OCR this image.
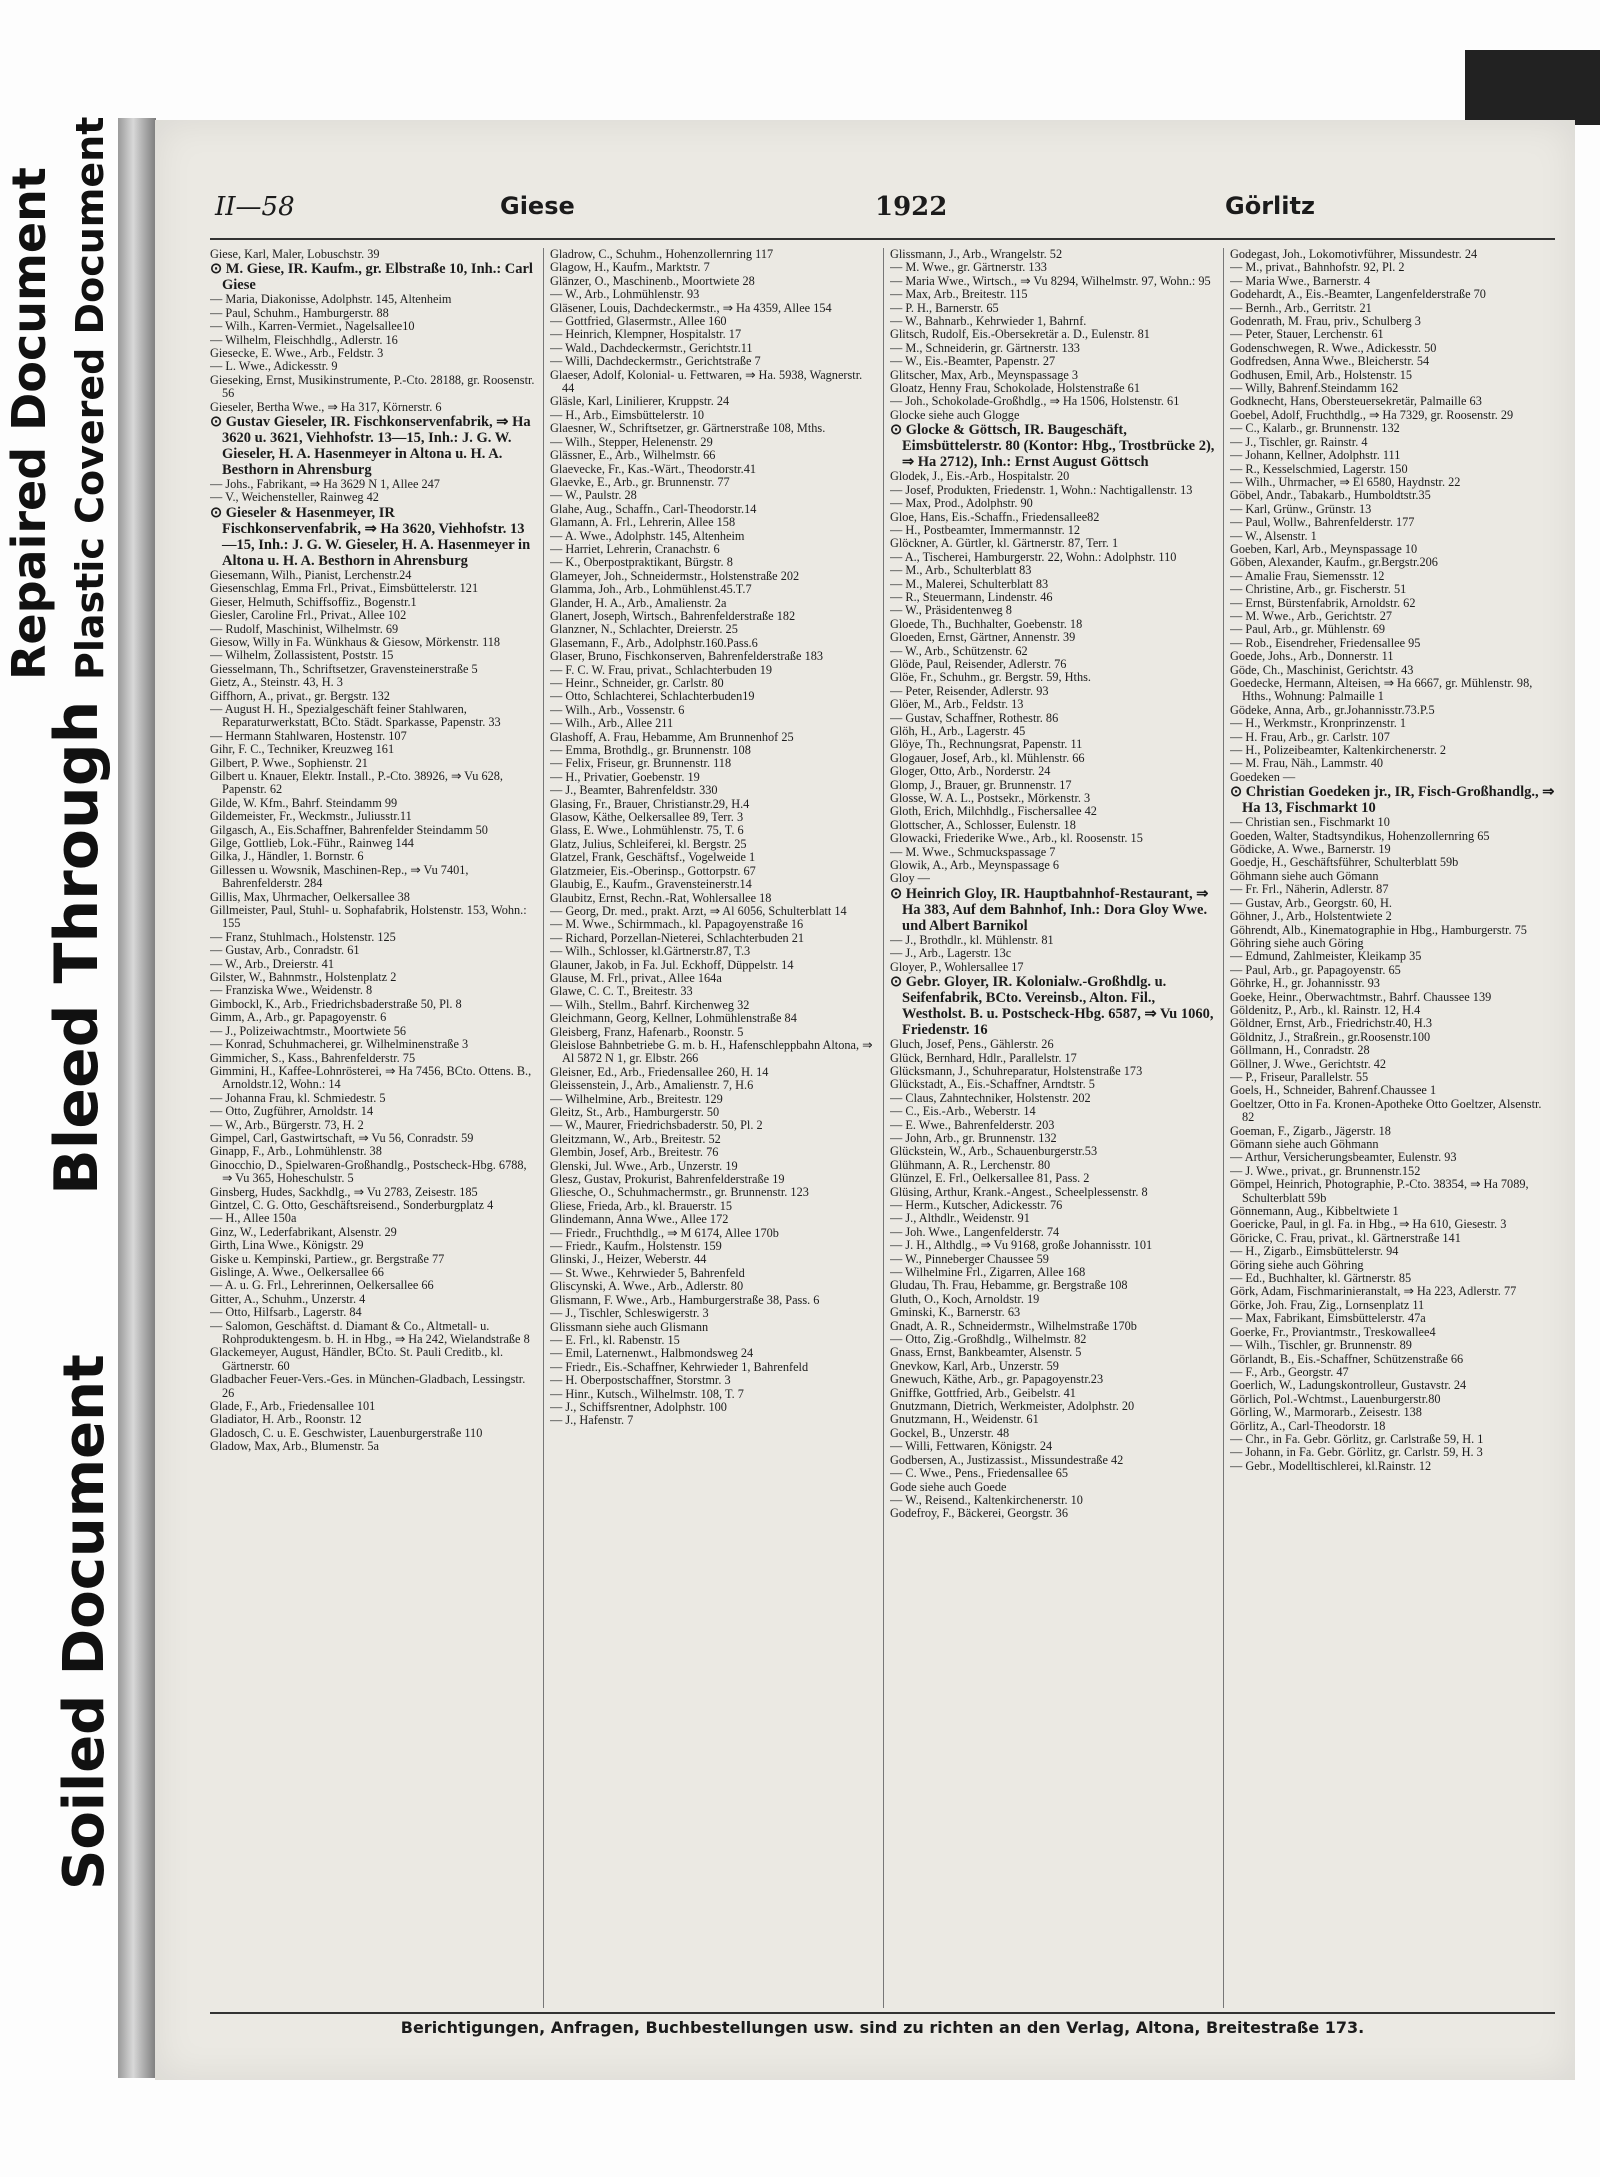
II—58	Giese	1922	Görlitz

Giese, Karl, Maler, Lobuschstr. 39

⊙ M. Giese, IR. Kaufm., gr. Elbstraße 10, Inh.: Carl Giese

— Maria, Diakonisse, Adolphstr. 145, Altenheim

— Paul, Schuhm., Hamburgerstr. 88

— Wilh., Karren-Vermiet., Nagelsallee10

— Wilhelm, Fleischhdlg., Adlerstr. 16

Giesecke, E. Wwe., Arb., Feldstr. 3

— L. Wwe., Adickesstr. 9

Gieseking, Ernst, Musikinstrumente, P.-Cto. 28188, gr. Roosenstr. 56

Gieseler, Bertha Wwe., ⇒ Ha 317, Körnerstr. 6

⊙ Gustav Gieseler, IR. Fischkonservenfabrik, ⇒ Ha 3620 u. 3621, Viehhofstr. 13—15, Inh.: J. G. W. Gieseler, H. A. Hasenmeyer in Altona u. H. A. Besthorn in Ahrensburg

— Johs., Fabrikant, ⇒ Ha 3629 N 1, Allee 247

— V., Weichensteller, Rainweg 42

⊙ Gieseler & Hasenmeyer, IR Fischkonservenfabrik, ⇒ Ha 3620, Viehhofstr. 13—15, Inh.: J. G. W. Gieseler, H. A. Hasenmeyer in Altona u. H. A. Besthorn in Ahrensburg

Giesemann, Wilh., Pianist, Lerchenstr.24

Giesenschlag, Emma Frl., Privat., Eimsbüttelerstr. 121

Gieser, Helmuth, Schiffsoffiz., Bogenstr.1

Giesler, Caroline Frl., Privat., Allee 102

— Rudolf, Maschinist, Wilhelmstr. 69

Giesow, Willy in Fa. Wünkhaus & Giesow, Mörkenstr. 118

— Wilhelm, Zollassistent, Poststr. 15

Giesselmann, Th., Schriftsetzer, Gravensteinerstraße 5

Gietz, A., Steinstr. 43, H. 3

Giffhorn, A., privat., gr. Bergstr. 132

— August H. H., Spezialgeschäft feiner Stahlwaren, Reparaturwerkstatt, BCto. Städt. Sparkasse, Papenstr. 33

— Hermann Stahlwaren, Hostenstr. 107

Gihr, F. C., Techniker, Kreuzweg 161

Gilbert, P. Wwe., Sophienstr. 21

Gilbert u. Knauer, Elektr. Install., P.-Cto. 38926, ⇒ Vu 628, Papenstr. 62

Gilde, W. Kfm., Bahrf. Steindamm 99

Gildemeister, Fr., Weckmstr., Juliusstr.11

Gilgasch, A., Eis.Schaffner, Bahrenfelder Steindamm 50

Gilge, Gottlieb, Lok.-Führ., Rainweg 144

Gilka, J., Händler, 1. Bornstr. 6

Gillessen u. Wowsnik, Maschinen-Rep., ⇒ Vu 7401, Bahrenfelderstr. 284

Gillis, Max, Uhrmacher, Oelkersallee 38

Gillmeister, Paul, Stuhl- u. Sophafabrik, Holstenstr. 153, Wohn.: 155

— Franz, Stuhlmach., Holstenstr. 125

— Gustav, Arb., Conradstr. 61

— W., Arb., Dreierstr. 41

Gilster, W., Bahnmstr., Holstenplatz 2

— Franziska Wwe., Weidenstr. 8

Gimbockl, K., Arb., Friedrichsbaderstraße 50, Pl. 8

Gimm, A., Arb., gr. Papagoyenstr. 6

— J., Polizeiwachtmstr., Moortwiete 56

— Konrad, Schuhmacherei, gr. Wilhelminenstraße 3

Gimmicher, S., Kass., Bahrenfelderstr. 75

Gimmini, H., Kaffee-Lohnrösterei, ⇒ Ha 7456, BCto. Ottens. B., Arnoldstr.12, Wohn.: 14

— Johanna Frau, kl. Schmiedestr. 5

— Otto, Zugführer, Arnoldstr. 14

— W., Arb., Bürgerstr. 73, H. 2

Gimpel, Carl, Gastwirtschaft, ⇒ Vu 56, Conradstr. 59

Ginapp, F., Arb., Lohmühlenstr. 38

Ginocchio, D., Spielwaren-Großhandlg., Postscheck-Hbg. 6788, ⇒ Vu 365, Hoheschulstr. 5

Ginsberg, Hudes, Sackhdlg., ⇒ Vu 2783, Zeisestr. 185

Gintzel, C. G. Otto, Geschäftsreisend., Sonderburgplatz 4

— H., Allee 150a

Ginz, W., Lederfabrikant, Alsenstr. 29

Girth, Lina Wwe., Königstr. 29

Giske u. Kempinski, Partiew., gr. Bergstraße 77

Gislinge, A. Wwe., Oelkersallee 66

— A. u. G. Frl., Lehrerinnen, Oelkersallee 66

Gitter, A., Schuhm., Unzerstr. 4

— Otto, Hilfsarb., Lagerstr. 84

— Salomon, Geschäftst. d. Diamant & Co., Altmetall- u. Rohproduktengesm. b. H. in Hbg., ⇒ Ha 242, Wielandstraße 8

Glackemeyer, August, Händler, BCto. St. Pauli Creditb., kl. Gärtnerstr. 60

Gladbacher Feuer-Vers.-Ges. in München-Gladbach, Lessingstr. 26

Glade, F., Arb., Friedensallee 101

Gladiator, H. Arb., Roonstr. 12

Gladosch, C. u. E. Geschwister, Lauenburgerstraße 110

Gladow, Max, Arb., Blumenstr. 5a

Gladrow, C., Schuhm., Hohenzollernring 117

Glagow, H., Kaufm., Marktstr. 7

Glänzer, O., Maschinenb., Moortwiete 28

— W., Arb., Lohmühlenstr. 93

Gläsener, Louis, Dachdeckermstr., ⇒ Ha 4359, Allee 154

— Gottfried, Glasermstr., Allee 160

— Heinrich, Klempner, Hospitalstr. 17

— Wald., Dachdeckermstr., Gerichtstr.11

— Willi, Dachdeckermstr., Gerichtstraße 7

Glaeser, Adolf, Kolonial- u. Fettwaren, ⇒ Ha. 5938, Wagnerstr. 44

Gläsle, Karl, Linilierer, Kruppstr. 24

— H., Arb., Eimsbüttelerstr. 10

Glaesner, W., Schriftsetzer, gr. Gärtnerstraße 108, Mths.

— Wilh., Stepper, Helenenstr. 29

Glässner, E., Arb., Wilhelmstr. 66

Glaevecke, Fr., Kas.-Wärt., Theodorstr.41

Glaevke, E., Arb., gr. Brunnenstr. 77

— W., Paulstr. 28

Glahe, Aug., Schaffn., Carl-Theodorstr.14

Glamann, A. Frl., Lehrerin, Allee 158

— A. Wwe., Adolphstr. 145, Altenheim

— Harriet, Lehrerin, Cranachstr. 6

— K., Oberpostpraktikant, Bürgstr. 8

Glameyer, Joh., Schneidermstr., Holstenstraße 202

Glamma, Joh., Arb., Lohmühlenst.45.T.7

Glander, H. A., Arb., Amalienstr. 2a

Glanert, Joseph, Wirtsch., Bahrenfelderstraße 182

Glanzner, N., Schlachter, Dreierstr. 25

Glasemann, F., Arb., Adolphstr.160.Pass.6

Glaser, Bruno, Fischkonserven, Bahrenfelderstraße 183

— F. C. W. Frau, privat., Schlachterbuden 19

— Heinr., Schneider, gr. Carlstr. 80

— Otto, Schlachterei, Schlachterbuden19

— Wilh., Arb., Vossenstr. 6

— Wilh., Arb., Allee 211

Glashoff, A. Frau, Hebamme, Am Brunnenhof 25

— Emma, Brothdlg., gr. Brunnenstr. 108

— Felix, Friseur, gr. Brunnenstr. 118

— H., Privatier, Goebenstr. 19

— J., Beamter, Bahrenfeldstr. 330

Glasing, Fr., Brauer, Christianstr.29, H.4

Glasow, Käthe, Oelkersallee 89, Terr. 3

Glass, E. Wwe., Lohmühlenstr. 75, T. 6

Glatz, Julius, Schleiferei, kl. Bergstr. 25

Glatzel, Frank, Geschäftsf., Vogelweide 1

Glatzmeier, Eis.-Oberinsp., Gottorpstr. 67

Glaubig, E., Kaufm., Gravensteinerstr.14

Glaubitz, Ernst, Rechn.-Rat, Wohlersallee 18

— Georg, Dr. med., prakt. Arzt, ⇒ Al 6056, Schulterblatt 14

— M. Wwe., Schirmmach., kl. Papagoyenstraße 16

— Richard, Porzellan-Nieterei, Schlachterbuden 21

— Wilh., Schlosser, kl.Gärtnerstr.87, T.3

Glauner, Jakob, in Fa. Jul. Eckhoff, Düppelstr. 14

Glause, M. Frl., privat., Allee 164a

Glawe, C. C. T., Breitestr. 33

— Wilh., Stellm., Bahrf. Kirchenweg 32

Gleichmann, Georg, Kellner, Lohmühlenstraße 84

Gleisberg, Franz, Hafenarb., Roonstr. 5

Gleislose Bahnbetriebe G. m. b. H., Hafenschleppbahn Altona, ⇒ Al 5872 N 1, gr. Elbstr. 266

Gleisner, Ed., Arb., Friedensallee 260, H. 14

Gleissenstein, J., Arb., Amalienstr. 7, H.6

— Wilhelmine, Arb., Breitestr. 129

Gleitz, St., Arb., Hamburgerstr. 50

— W., Maurer, Friedrichsbaderstr. 50, Pl. 2

Gleitzmann, W., Arb., Breitestr. 52

Glembin, Josef, Arb., Breitestr. 76

Glenski, Jul. Wwe., Arb., Unzerstr. 19

Glesz, Gustav, Prokurist, Bahrenfelderstraße 19

Gliesche, O., Schuhmachermstr., gr. Brunnenstr. 123

Gliese, Frieda, Arb., kl. Brauerstr. 15

Glindemann, Anna Wwe., Allee 172

— Friedr., Fruchthdlg., ⇒ M 6174, Allee 170b

— Friedr., Kaufm., Holstenstr. 159

Glinski, J., Heizer, Weberstr. 44

— St. Wwe., Kehrwieder 5, Bahrenfeld

Gliscynski, A. Wwe., Arb., Adlerstr. 80

Glismann, F. Wwe., Arb., Hamburgerstraße 38, Pass. 6

— J., Tischler, Schleswigerstr. 3

Glissmann siehe auch Glismann

— E. Frl., kl. Rabenstr. 15

— Emil, Laternenwt., Halbmondsweg 24

— Friedr., Eis.-Schaffner, Kehrwieder 1, Bahrenfeld

— H. Oberpostschaffner, Storstmr. 3

— Hinr., Kutsch., Wilhelmstr. 108, T. 7

— J., Schiffsrentner, Adolphstr. 100

— J., Hafenstr. 7

Glissmann, J., Arb., Wrangelstr. 52

— M. Wwe., gr. Gärtnerstr. 133

— Maria Wwe., Wirtsch., ⇒ Vu 8294, Wilhelmstr. 97, Wohn.: 95

— Max, Arb., Breitestr. 115

— P. H., Barnerstr. 65

— W., Bahnarb., Kehrwieder 1, Bahrnf.

Glitsch, Rudolf, Eis.-Obersekretär a. D., Eulenstr. 81

— M., Schneiderin, gr. Gärtnerstr. 133

— W., Eis.-Beamter, Papenstr. 27

Glitscher, Max, Arb., Meynspassage 3

Gloatz, Henny Frau, Schokolade, Holstenstraße 61

— Joh., Schokolade-Großhdlg., ⇒ Ha 1506, Holstenstr. 61

Glocke siehe auch Glogge

⊙ Glocke & Göttsch, IR. Baugeschäft, Eimsbüttelerstr. 80 (Kontor: Hbg., Trostbrücke 2), ⇒ Ha 2712), Inh.: Ernst August Göttsch

Glodek, J., Eis.-Arb., Hospitalstr. 20

— Josef, Produkten, Friedenstr. 1, Wohn.: Nachtigallenstr. 13

— Max, Prod., Adolphstr. 90

Gloe, Hans, Eis.-Schaffn., Friedensallee82

— H., Postbeamter, Immermannstr. 12

Glöckner, A. Gürtler, kl. Gärtnerstr. 87, Terr. 1

— A., Tischerei, Hamburgerstr. 22, Wohn.: Adolphstr. 110

— M., Arb., Schulterblatt 83

— M., Malerei, Schulterblatt 83

— R., Steuermann, Lindenstr. 46

— W., Präsidentenweg 8

Gloede, Th., Buchhalter, Goebenstr. 18

Gloeden, Ernst, Gärtner, Annenstr. 39

— W., Arb., Schützenstr. 62

Glöde, Paul, Reisender, Adlerstr. 76

Glöe, Fr., Schuhm., gr. Bergstr. 59, Hths.

— Peter, Reisender, Adlerstr. 93

Glöer, M., Arb., Feldstr. 13

— Gustav, Schaffner, Rothestr. 86

Glöh, H., Arb., Lagerstr. 45

Glöye, Th., Rechnungsrat, Papenstr. 11

Glogauer, Josef, Arb., kl. Mühlenstr. 66

Gloger, Otto, Arb., Norderstr. 24

Glomp, J., Brauer, gr. Brunnenstr. 17

Glosse, W. A. L., Postsekr., Mörkenstr. 3

Gloth, Erich, Milchhdlg., Fischersallee 42

Glottscher, A., Schlosser, Eulenstr. 18

Glowacki, Friederike Wwe., Arb., kl. Roosenstr. 15

— M. Wwe., Schmuckspassage 7

Glowik, A., Arb., Meynspassage 6

Gloy —

⊙ Heinrich Gloy, IR. Hauptbahnhof-Restaurant, ⇒ Ha 383, Auf dem Bahnhof, Inh.: Dora Gloy Wwe. und Albert Barnikol

— J., Brothdlr., kl. Mühlenstr. 81

— J., Arb., Lagerstr. 13c

Gloyer, P., Wohlersallee 17

⊙ Gebr. Gloyer, IR. Kolonialw.-Großhdlg. u. Seifenfabrik, BCto. Vereinsb., Alton. Fil., Westholst. B. u. Postscheck-Hbg. 6587, ⇒ Vu 1060, Friedenstr. 16

Gluch, Josef, Pens., Gählerstr. 26

Glück, Bernhard, Hdlr., Parallelstr. 17

Glücksmann, J., Schuhreparatur, Holstenstraße 173

Glückstadt, A., Eis.-Schaffner, Arndtstr. 5

— Claus, Zahntechniker, Holstenstr. 202

— C., Eis.-Arb., Weberstr. 14

— E. Wwe., Bahrenfelderstr. 203

— John, Arb., gr. Brunnenstr. 132

Glückstein, W., Arb., Schauenburgerstr.53

Glühmann, A. R., Lerchenstr. 80

Glünzel, E. Frl., Oelkersallee 81, Pass. 2

Glüsing, Arthur, Krank.-Angest., Scheelplessenstr. 8

— Herm., Kutscher, Adickesstr. 76

— J., Althdlr., Weidenstr. 91

— Joh. Wwe., Langenfelderstr. 74

— J. H., Althdlg., ⇒ Vu 9168, große Johannisstr. 101

— W., Pinneberger Chaussee 59

— Wilhelmine Frl., Zigarren, Allee 168

Gludau, Th. Frau, Hebamme, gr. Bergstraße 108

Gluth, O., Koch, Arnoldstr. 19

Gminski, K., Barnerstr. 63

Gnadt, A. R., Schneidermstr., Wilhelmstraße 170b

— Otto, Zig.-Großhdlg., Wilhelmstr. 82

Gnass, Ernst, Bankbeamter, Alsenstr. 5

Gnevkow, Karl, Arb., Unzerstr. 59

Gnewuch, Käthe, Arb., gr. Papagoyenstr.23

Gniffke, Gottfried, Arb., Geibelstr. 41

Gnutzmann, Dietrich, Werkmeister, Adolphstr. 20

Gnutzmann, H., Weidenstr. 61

Gockel, B., Unzerstr. 48

— Willi, Fettwaren, Königstr. 24

Godbersen, A., Justizassist., Missundestraße 42

— C. Wwe., Pens., Friedensallee 65

Gode siehe auch Goede

— W., Reisend., Kaltenkirchenerstr. 10

Godefroy, F., Bäckerei, Georgstr. 36

Godegast, Joh., Lokomotivführer, Missundestr. 24

— M., privat., Bahnhofstr. 92, Pl. 2

— Maria Wwe., Barnerstr. 4

Godehardt, A., Eis.-Beamter, Langenfelderstraße 70

— Bernh., Arb., Gerritstr. 21

Godenrath, M. Frau, priv., Schulberg 3

— Peter, Stauer, Lerchenstr. 61

Godenschwegen, R. Wwe., Adickesstr. 50

Godfredsen, Anna Wwe., Bleicherstr. 54

Godhusen, Emil, Arb., Holstenstr. 15

— Willy, Bahrenf.Steindamm 162

Godknecht, Hans, Obersteuersekretär, Palmaille 63

Goebel, Adolf, Fruchthdlg., ⇒ Ha 7329, gr. Roosenstr. 29

— C., Kalarb., gr. Brunnenstr. 132

— J., Tischler, gr. Rainstr. 4

— Johann, Kellner, Adolphstr. 111

— R., Kesselschmied, Lagerstr. 150

— Wilh., Uhrmacher, ⇒ El 6580, Haydnstr. 22

Göbel, Andr., Tabakarb., Humboldtstr.35

— Karl, Grünw., Grünstr. 13

— Paul, Wollw., Bahrenfelderstr. 177

— W., Alsenstr. 1

Goeben, Karl, Arb., Meynspassage 10

Göben, Alexander, Kaufm., gr.Bergstr.206

— Amalie Frau, Siemensstr. 12

— Christine, Arb., gr. Fischerstr. 51

— Ernst, Bürstenfabrik, Arnoldstr. 62

— M. Wwe., Arb., Gerichtstr. 27

— Paul, Arb., gr. Mühlenstr. 69

— Rob., Eisendreher, Friedensallee 95

Goede, Johs., Arb., Donnerstr. 11

Göde, Ch., Maschinist, Gerichtstr. 43

Goedecke, Hermann, Alteisen, ⇒ Ha 6667, gr. Mühlenstr. 98, Hths., Wohnung: Palmaille 1

Gödeke, Anna, Arb., gr.Johannisstr.73.P.5

— H., Werkmstr., Kronprinzenstr. 1

— H. Frau, Arb., gr. Carlstr. 107

— H., Polizeibeamter, Kaltenkirchenerstr. 2

— M. Frau, Näh., Lammstr. 40

Goedeken —

⊙ Christian Goedeken jr., IR, Fisch-Großhandlg., ⇒ Ha 13, Fischmarkt 10

— Christian sen., Fischmarkt 10

Goeden, Walter, Stadtsyndikus, Hohenzollernring 65

Gödicke, A. Wwe., Barnerstr. 19

Goedje, H., Geschäftsführer, Schulterblatt 59b

Göhmann siehe auch Gömann

— Fr. Frl., Näherin, Adlerstr. 87

— Gustav, Arb., Georgstr. 60, H.

Göhner, J., Arb., Holstentwiete 2

Göhrendt, Alb., Kinematographie in Hbg., Hamburgerstr. 75

Göhring siehe auch Göring

— Edmund, Zahlmeister, Kleikamp 35

— Paul, Arb., gr. Papagoyenstr. 65

Göhrke, H., gr. Johannisstr. 93

Goeke, Heinr., Oberwachtmstr., Bahrf. Chaussee 139

Göldenitz, P., Arb., kl. Rainstr. 12, H.4

Göldner, Ernst, Arb., Friedrichstr.40, H.3

Göldnitz, J., Straßrein., gr.Roosenstr.100

Göllmann, H., Conradstr. 28

Göllner, J. Wwe., Gerichtstr. 42

— P., Friseur, Parallelstr. 55

Goels, H., Schneider, Bahrenf.Chaussee 1

Goeltzer, Otto in Fa. Kronen-Apotheke Otto Goeltzer, Alsenstr. 82

Goeman, F., Zigarb., Jägerstr. 18

Gömann siehe auch Göhmann

— Arthur, Versicherungsbeamter, Eulenstr. 93

— J. Wwe., privat., gr. Brunnenstr.152

Gömpel, Heinrich, Photographie, P.-Cto. 38354, ⇒ Ha 7089, Schulterblatt 59b

Gönnemann, Aug., Kibbeltwiete 1

Goericke, Paul, in gl. Fa. in Hbg., ⇒ Ha 610, Giesestr. 3

Göricke, C. Frau, privat., kl. Gärtnerstraße 141

— H., Zigarb., Eimsbüttelerstr. 94

Göring siehe auch Göhring

— Ed., Buchhalter, kl. Gärtnerstr. 85

Görk, Adam, Fischmarinieranstalt, ⇒ Ha 223, Adlerstr. 77

Görke, Joh. Frau, Zig., Lornsenplatz 11

— Max, Fabrikant, Eimsbüttelerstr. 47a

Goerke, Fr., Proviantmstr., Treskowallee4

— Wilh., Tischler, gr. Brunnenstr. 89

Görlandt, B., Eis.-Schaffner, Schützenstraße 66

— F., Arb., Georgstr. 47

Goerlich, W., Ladungskontrolleur, Gustavstr. 24

Görlich, Pol.-Wchtmst., Lauenburgerstr.80

Görling, W., Marmorarb., Zeisestr. 138

Görlitz, A., Carl-Theodorstr. 18

— Chr., in Fa. Gebr. Görlitz, gr. Carlstraße 59, H. 1

— Johann, in Fa. Gebr. Görlitz, gr. Carlstr. 59, H. 3

— Gebr., Modelltischlerei, kl.Rainstr. 12

Berichtigungen, Anfragen, Buchbestellungen usw. sind zu richten an den Verlag, Altona, Breitestraße 173.
Repaired Document Plastic Covered Document
Bleed Through
Soiled Document
